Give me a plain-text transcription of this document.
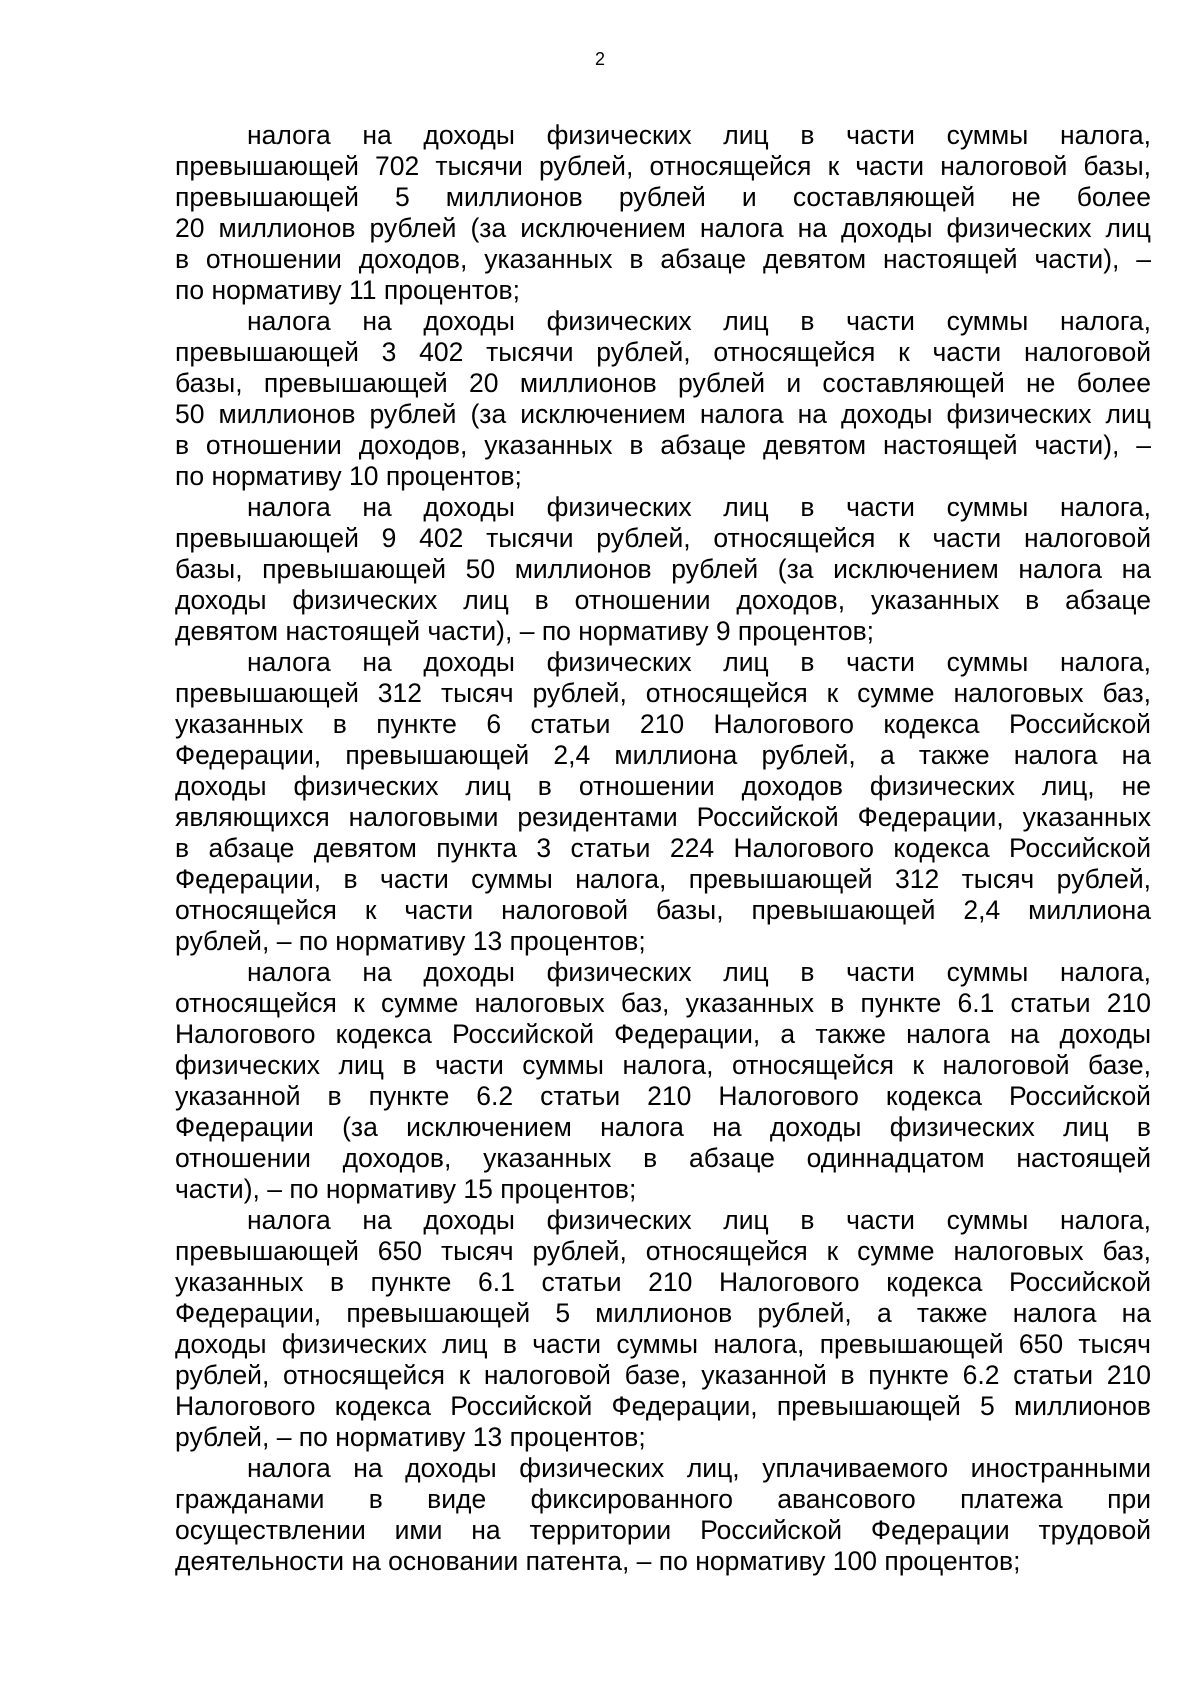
2
налога на доходы физических лиц в части суммы налога,
превышающей 702 тысячи рублей, относящейся к части налоговой базы,
превышающей 5 миллионов рублей и составляющей не более
20 миллионов рублей (за исключением налога на доходы физических лиц
в отношении доходов, указанных в абзаце девятом настоящей части), –
по нормативу 11 процентов;
налога на доходы физических лиц в части суммы налога,
превышающей 3 402 тысячи рублей, относящейся к части налоговой
базы, превышающей 20 миллионов рублей и составляющей не более
50 миллионов рублей (за исключением налога на доходы физических лиц
в отношении доходов, указанных в абзаце девятом настоящей части), –
по нормативу 10 процентов;
налога на доходы физических лиц в части суммы налога,
превышающей 9 402 тысячи рублей, относящейся к части налоговой
базы, превышающей 50 миллионов рублей (за исключением налога на
доходы физических лиц в отношении доходов, указанных в абзаце
девятом настоящей части), – по нормативу 9 процентов;
налога на доходы физических лиц в части суммы налога,
превышающей 312 тысяч рублей, относящейся к сумме налоговых баз,
указанных в пункте 6 статьи 210 Налогового кодекса Российской
Федерации, превышающей 2,4 миллиона рублей, а также налога на
доходы физических лиц в отношении доходов физических лиц, не
являющихся налоговыми резидентами Российской Федерации, указанных
в абзаце девятом пункта 3 статьи 224 Налогового кодекса Российской
Федерации, в части суммы налога, превышающей 312 тысяч рублей,
относящейся к части налоговой базы, превышающей 2,4 миллиона
рублей, – по нормативу 13 процентов;
налога на доходы физических лиц в части суммы налога,
относящейся к сумме налоговых баз, указанных в пункте 6.1 статьи 210
Налогового кодекса Российской Федерации, а также налога на доходы
физических лиц в части суммы налога, относящейся к налоговой базе,
указанной в пункте 6.2 статьи 210 Налогового кодекса Российской
Федерации (за исключением налога на доходы физических лиц в
отношении доходов, указанных в абзаце одиннадцатом настоящей
части), – по нормативу 15 процентов;
налога на доходы физических лиц в части суммы налога,
превышающей 650 тысяч рублей, относящейся к сумме налоговых баз,
указанных в пункте 6.1 статьи 210 Налогового кодекса Российской
Федерации, превышающей 5 миллионов рублей, а также налога на
доходы физических лиц в части суммы налога, превышающей 650 тысяч
рублей, относящейся к налоговой базе, указанной в пункте 6.2 статьи 210
Налогового кодекса Российской Федерации, превышающей 5 миллионов
рублей, – по нормативу 13 процентов;
налога на доходы физических лиц, уплачиваемого иностранными
гражданами в виде фиксированного авансового платежа при
осуществлении ими на территории Российской Федерации трудовой
деятельности на основании патента, – по нормативу 100 процентов;
